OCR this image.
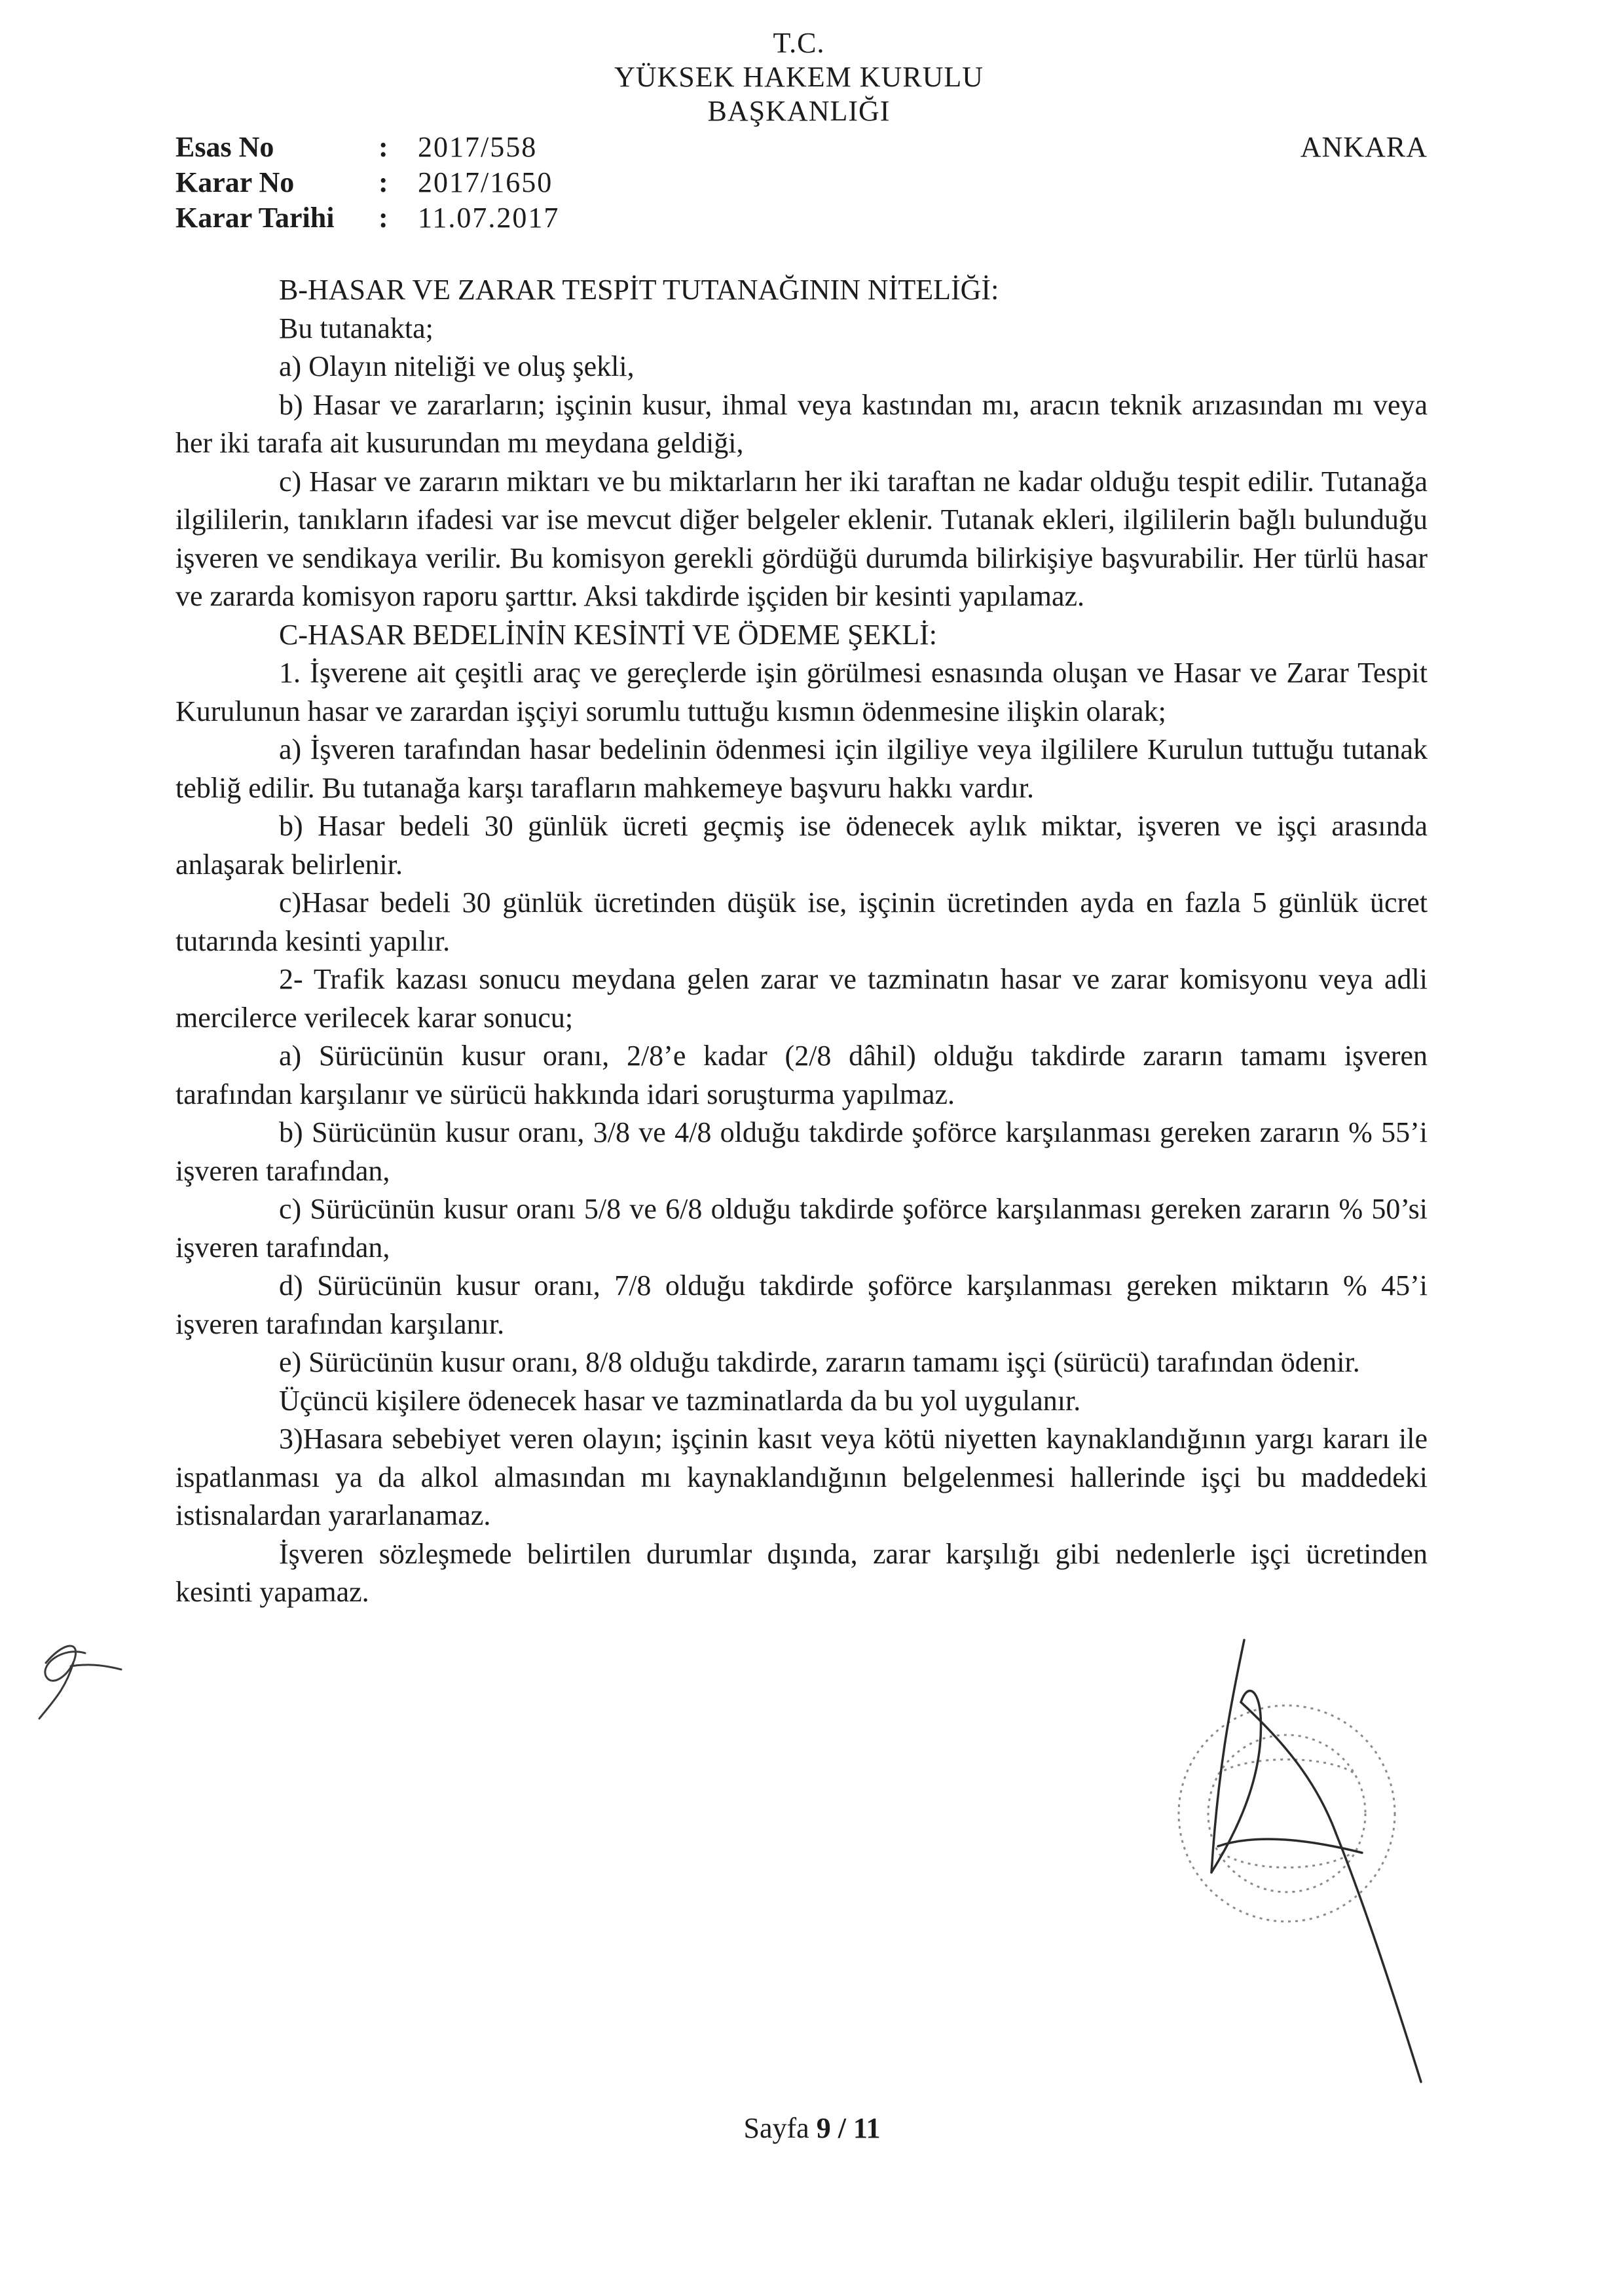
T.C.
YÜKSEK HAKEM KURULU
BAŞKANLIĞI
Esas No	:	2017/558
Karar No	:	2017/1650
Karar Tarihi	:	11.07.2017
ANKARA

B-HASAR VE ZARAR TESPİT TUTANAĞININ NİTELİĞİ:

Bu tutanakta;

a) Olayın niteliği ve oluş şekli,

b) Hasar ve zararların; işçinin kusur, ihmal veya kastından mı, aracın teknik arızasından mı veya her iki tarafa ait kusurundan mı meydana geldiği,

c) Hasar ve zararın miktarı ve bu miktarların her iki taraftan ne kadar olduğu tespit edilir. Tutanağa ilgililerin, tanıkların ifadesi var ise mevcut diğer belgeler eklenir. Tutanak ekleri, ilgililerin bağlı bulunduğu işveren ve sendikaya verilir. Bu komisyon gerekli gördüğü durumda bilirkişiye başvurabilir. Her türlü hasar ve zararda komisyon raporu şarttır. Aksi takdirde işçiden bir kesinti yapılamaz.

C-HASAR BEDELİNİN KESİNTİ VE ÖDEME ŞEKLİ:

1. İşverene ait çeşitli araç ve gereçlerde işin görülmesi esnasında oluşan ve Hasar ve Zarar Tespit Kurulunun hasar ve zarardan işçiyi sorumlu tuttuğu kısmın ödenmesine ilişkin olarak;

a) İşveren tarafından hasar bedelinin ödenmesi için ilgiliye veya ilgililere Kurulun tuttuğu tutanak tebliğ edilir. Bu tutanağa karşı tarafların mahkemeye başvuru hakkı vardır.

b) Hasar bedeli 30 günlük ücreti geçmiş ise ödenecek aylık miktar, işveren ve işçi arasında anlaşarak belirlenir.

c)Hasar bedeli 30 günlük ücretinden düşük ise, işçinin ücretinden ayda en fazla 5 günlük ücret tutarında kesinti yapılır.

2- Trafik kazası sonucu meydana gelen zarar ve tazminatın hasar ve zarar komisyonu veya adli mercilerce verilecek karar sonucu;

a) Sürücünün kusur oranı, 2/8’e kadar (2/8 dâhil) olduğu takdirde zararın tamamı işveren tarafından karşılanır ve sürücü hakkında idari soruşturma yapılmaz.

b) Sürücünün kusur oranı, 3/8 ve 4/8 olduğu takdirde şoförce karşılanması gereken zararın % 55’i işveren tarafından,

c) Sürücünün kusur oranı 5/8 ve 6/8 olduğu takdirde şoförce karşılanması gereken zararın % 50’si işveren tarafından,

d) Sürücünün kusur oranı, 7/8 olduğu takdirde şoförce karşılanması gereken miktarın % 45’i işveren tarafından karşılanır.

e) Sürücünün kusur oranı, 8/8 olduğu takdirde, zararın tamamı işçi (sürücü) tarafından ödenir.

Üçüncü kişilere ödenecek hasar ve tazminatlarda da bu yol uygulanır.

3)Hasara sebebiyet veren olayın; işçinin kasıt veya kötü niyetten kaynaklandığının yargı kararı ile ispatlanması ya da alkol almasından mı kaynaklandığının belgelenmesi hallerinde işçi bu maddedeki istisnalardan yararlanamaz.

İşveren sözleşmede belirtilen durumlar dışında, zarar karşılığı gibi nedenlerle işçi ücretinden kesinti yapamaz.

Sayfa 9 / 11
